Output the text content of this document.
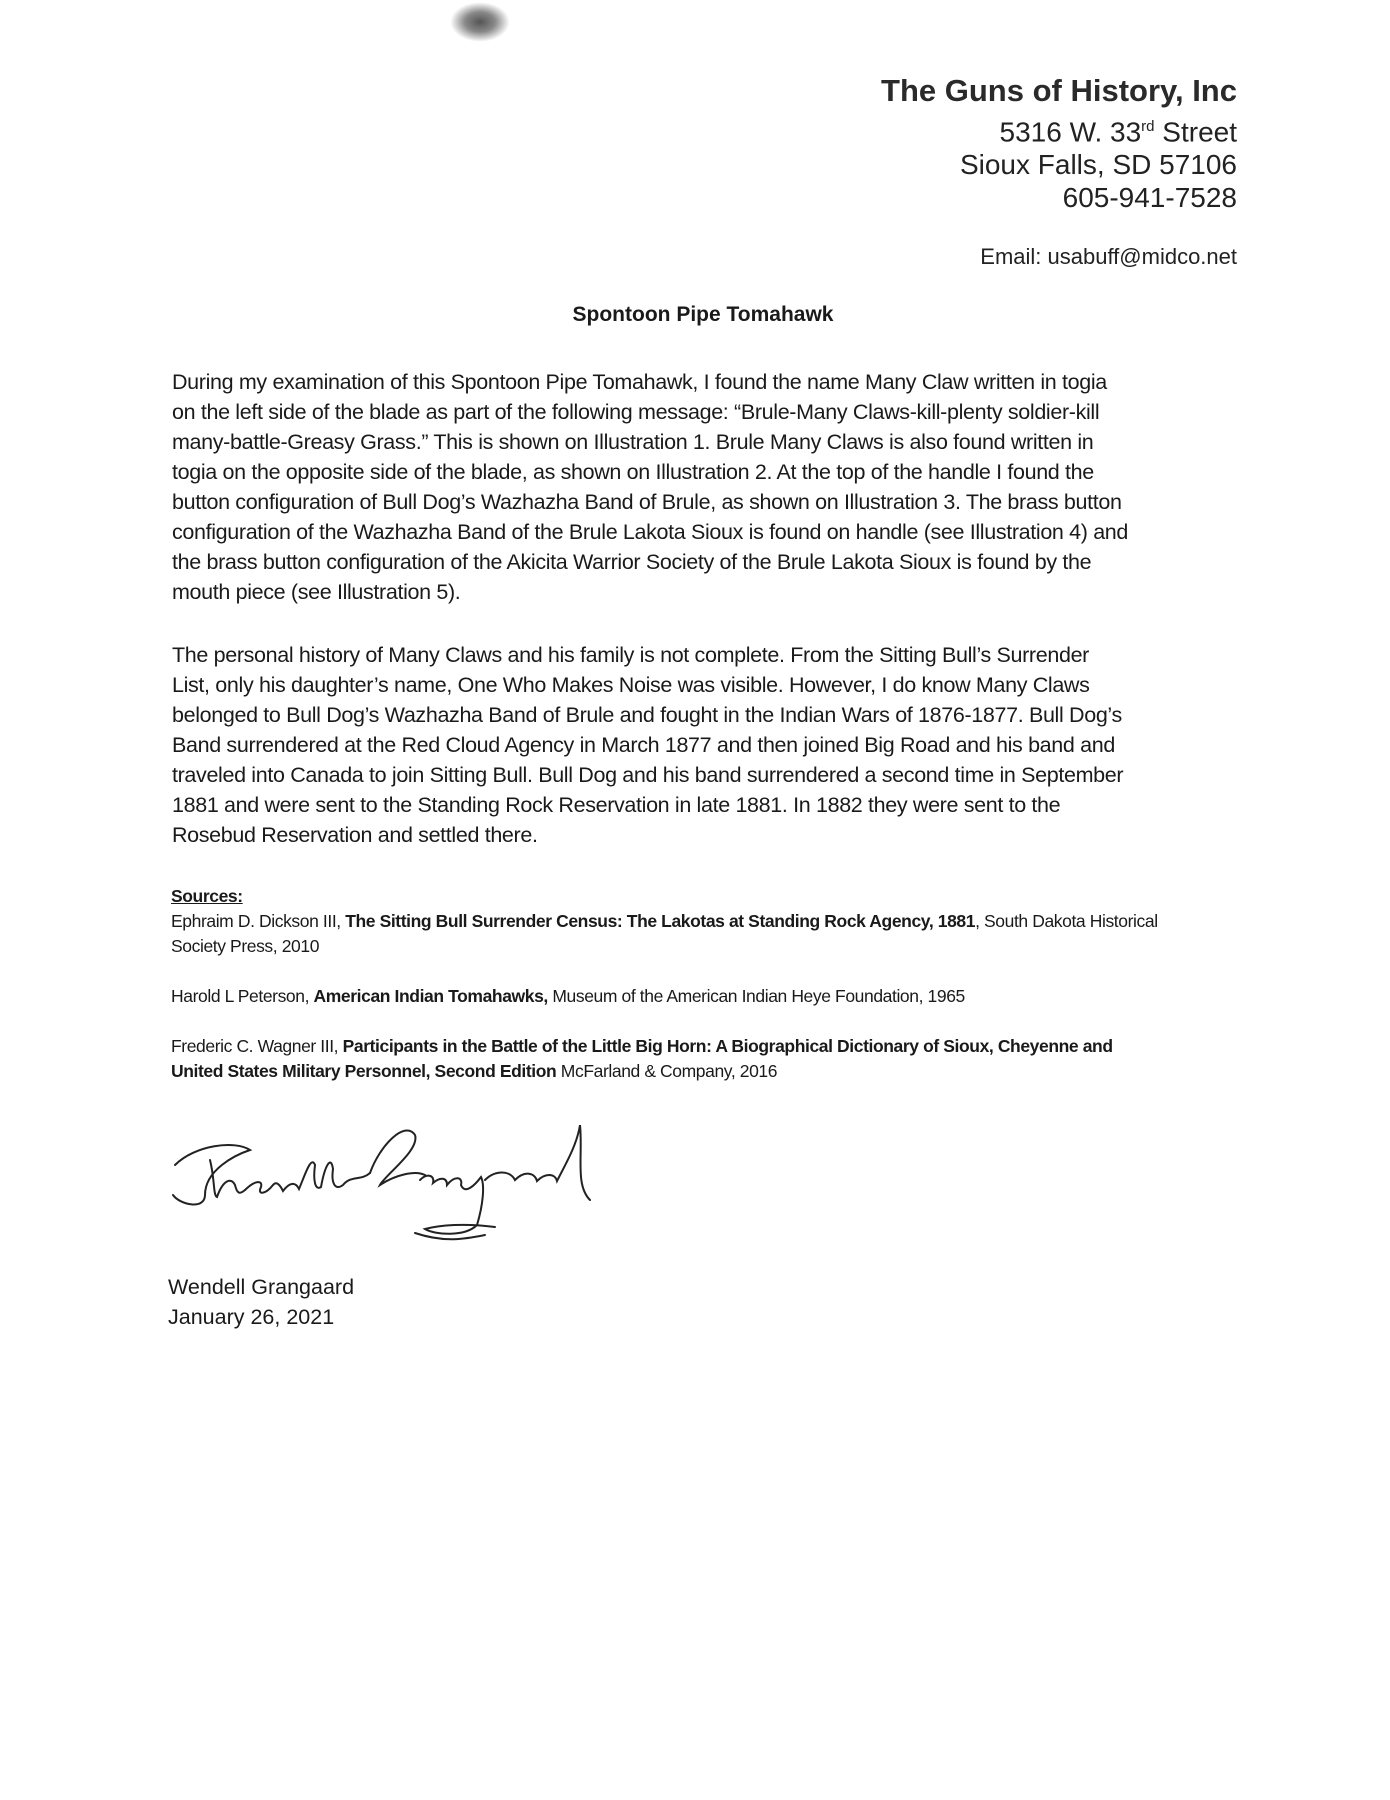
The Guns of History, Inc
5316 W. 33rd Street
Sioux Falls, SD 57106
605-941-7528
Email: usabuff@midco.net
Spontoon Pipe Tomahawk
During my examination of this Spontoon Pipe Tomahawk, I found the name Many Claw written in togia
on the left side of the blade as part of the following message: “Brule-Many Claws-kill-plenty soldier-kill
many-battle-Greasy Grass.” This is shown on Illustration 1. Brule Many Claws is also found written in
togia on the opposite side of the blade, as shown on Illustration 2. At the top of the handle I found the
button configuration of Bull Dog’s Wazhazha Band of Brule, as shown on Illustration 3. The brass button
configuration of the Wazhazha Band of the Brule Lakota Sioux is found on handle (see Illustration 4) and
the brass button configuration of the Akicita Warrior Society of the Brule Lakota Sioux is found by the
mouth piece (see Illustration 5).
The personal history of Many Claws and his family is not complete. From the Sitting Bull’s Surrender
List, only his daughter’s name, One Who Makes Noise was visible. However, I do know Many Claws
belonged to Bull Dog’s Wazhazha Band of Brule and fought in the Indian Wars of 1876-1877. Bull Dog’s
Band surrendered at the Red Cloud Agency in March 1877 and then joined Big Road and his band and
traveled into Canada to join Sitting Bull. Bull Dog and his band surrendered a second time in September
1881 and were sent to the Standing Rock Reservation in late 1881. In 1882 they were sent to the
Rosebud Reservation and settled there.
Sources:
Ephraim D. Dickson III, The Sitting Bull Surrender Census: The Lakotas at Standing Rock Agency, 1881, South Dakota Historical
Society Press, 2010
Harold L Peterson, American Indian Tomahawks, Museum of the American Indian Heye Foundation, 1965
Frederic C. Wagner III, Participants in the Battle of the Little Big Horn: A Biographical Dictionary of Sioux, Cheyenne and
United States Military Personnel, Second Edition McFarland & Company, 2016
Wendell Grangaard
January 26, 2021
